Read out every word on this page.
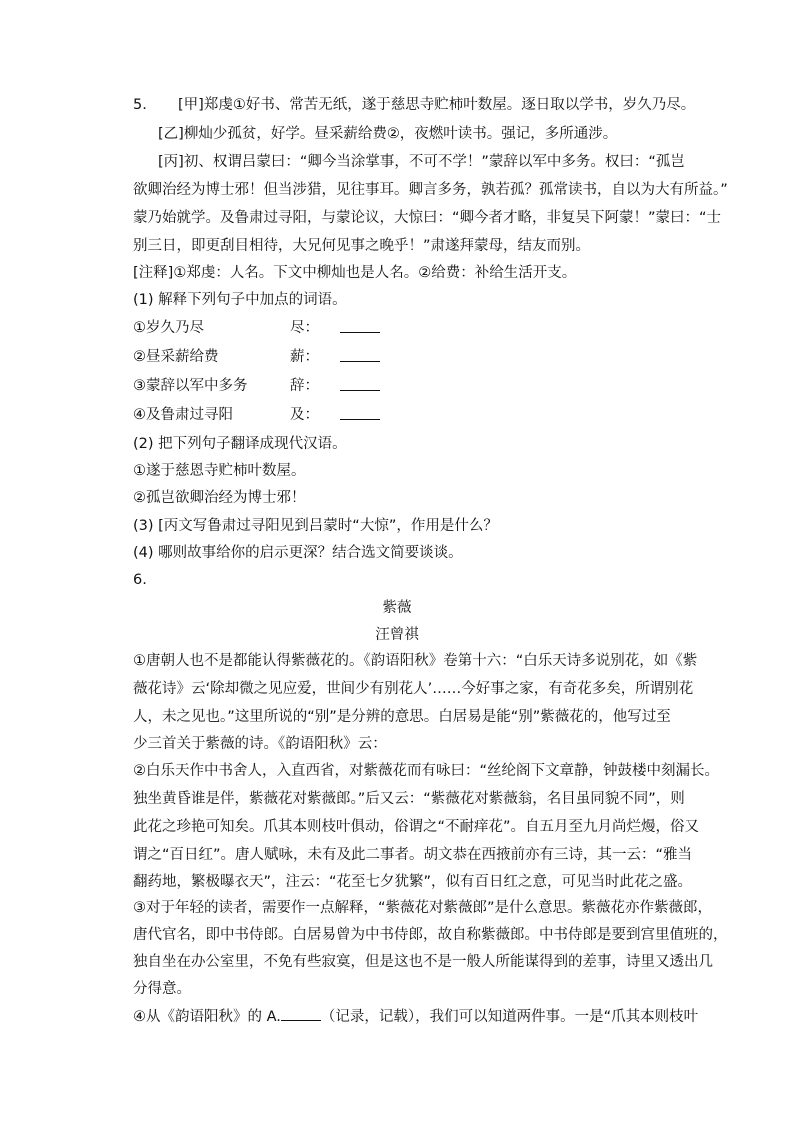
5. [甲]郑虔①好书、常苦无纸，遂于慈思寺贮柿叶数屋。逐日取以学书，岁久乃尽。
[乙]柳灿少孤贫，好学。昼采薪给费②，夜燃叶读书。强记，多所通涉。
[丙]初、权谓吕蒙曰：“卿今当涂掌事，不可不学！”蒙辞以军中多务。权曰：“孤岂
欲卿治经为博士邪！但当涉猎，见往事耳。卿言多务，孰若孤？孤常读书，自以为大有所益。”
蒙乃始就学。及鲁肃过寻阳，与蒙论议，大惊曰：“卿今者才略，非复吴下阿蒙！”蒙曰：“士
别三日，即更刮目相待，大兄何见事之晚乎！”肃遂拜蒙母，结友而别。
[注释]①郑虔：人名。下文中柳灿也是人名。②给费：补给生活开支。
(1) 解释下列句子中加点的词语。
①岁久乃尽	尽：
②昼采薪给费	薪：
③蒙辞以军中多务	辞：
④及鲁肃过寻阳	及：
(2) 把下列句子翻译成现代汉语。
①遂于慈恩寺贮柿叶数屋。
②孤岂欲卿治经为博士邪！
(3) [丙文写鲁肃过寻阳见到吕蒙时“大惊”，作用是什么？
(4) 哪则故事给你的启示更深？结合选文简要谈谈。
6.
紫薇
汪曾祺
①唐朝人也不是都能认得紫薇花的。《韵语阳秋》卷第十六：“白乐天诗多说别花，如《紫
薇花诗》云‘除却微之见应爱，世间少有别花人’……今好事之家，有奇花多矣，所谓别花
人，未之见也。”这里所说的“别”是分辨的意思。白居易是能“别”紫薇花的，他写过至
少三首关于紫薇的诗。《韵语阳秋》云：
②白乐天作中书舍人，入直西省，对紫薇花而有咏曰：“丝纶阁下文章静，钟鼓楼中刻漏长。
独坐黄昏谁是伴，紫薇花对紫薇郎。”后又云：“紫薇花对紫薇翁，名目虽同貌不同”，则
此花之珍艳可知矣。爪其本则枝叶俱动，俗谓之“不耐痒花”。自五月至九月尚烂熳，俗又
谓之“百日红”。唐人赋咏，未有及此二事者。胡文恭在西掖前亦有三诗，其一云：“雅当
翻药地，繁极曝衣天”，注云：“花至七夕犹繁”，似有百日红之意，可见当时此花之盛。
③对于年轻的读者，需要作一点解释，“紫薇花对紫薇郎”是什么意思。紫薇花亦作紫薇郎，
唐代官名，即中书侍郎。白居易曾为中书侍郎，故自称紫薇郎。中书侍郎是要到宫里值班的，
独自坐在办公室里，不免有些寂寞，但是这也不是一般人所能谋得到的差事，诗里又透出几
分得意。
④从《韵语阳秋》的 A.	（记录，记载），我们可以知道两件事。一是“爪其本则枝叶
